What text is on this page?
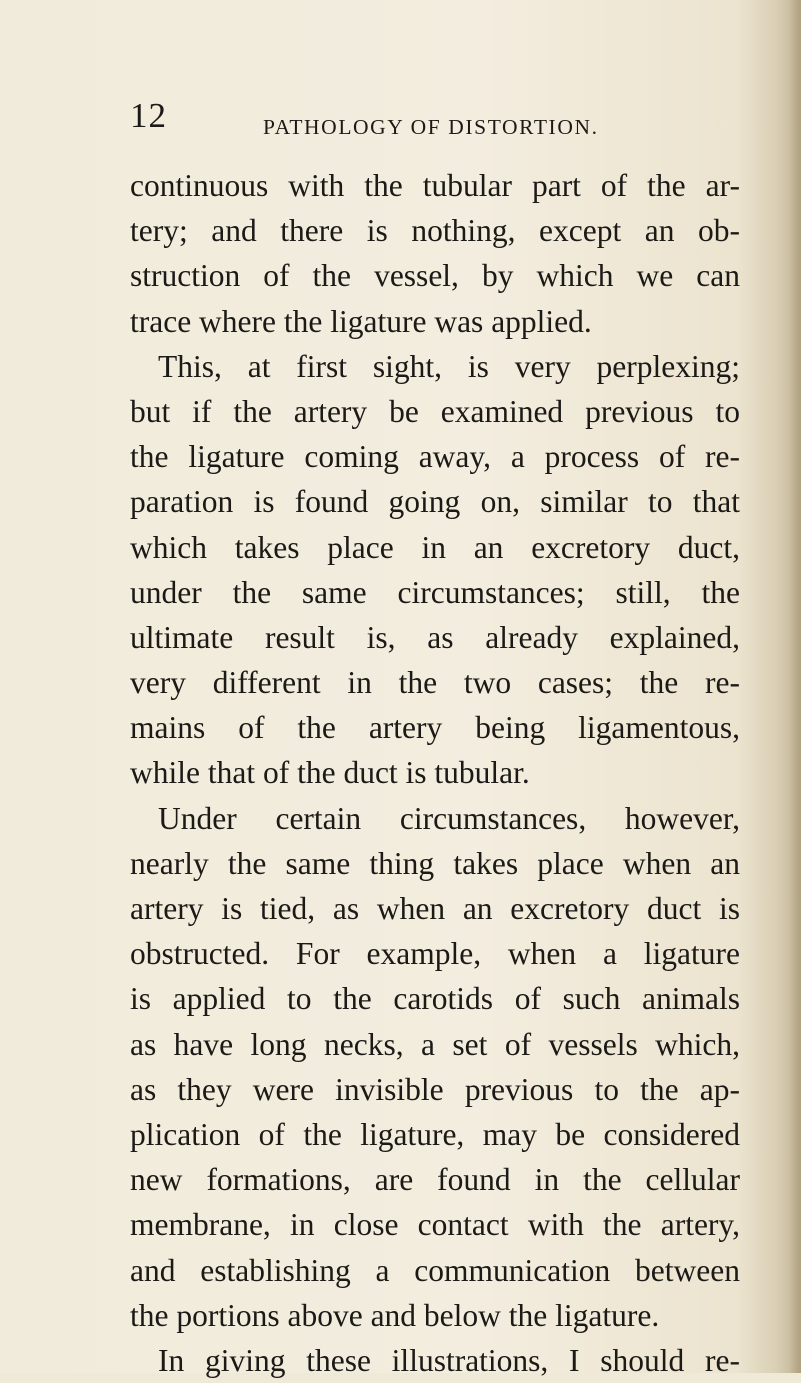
12	PATHOLOGY OF DISTORTION.
continuous with the tubular part of the ar-
tery; and there is nothing, except an ob-
struction of the vessel, by which we can
trace where the ligature was applied.
This, at first sight, is very perplexing;
but if the artery be examined previous to
the ligature coming away, a process of re-
paration is found going on, similar to that
which takes place in an excretory duct,
under the same circumstances; still, the
ultimate result is, as already explained,
very different in the two cases; the re-
mains of the artery being ligamentous,
while that of the duct is tubular.
Under certain circumstances, however,
nearly the same thing takes place when an
artery is tied, as when an excretory duct is
obstructed. For example, when a ligature
is applied to the carotids of such animals
as have long necks, a set of vessels which,
as they were invisible previous to the ap-
plication of the ligature, may be considered
new formations, are found in the cellular
membrane, in close contact with the artery,
and establishing a communication between
the portions above and below the ligature.
In giving these illustrations, I should re-
